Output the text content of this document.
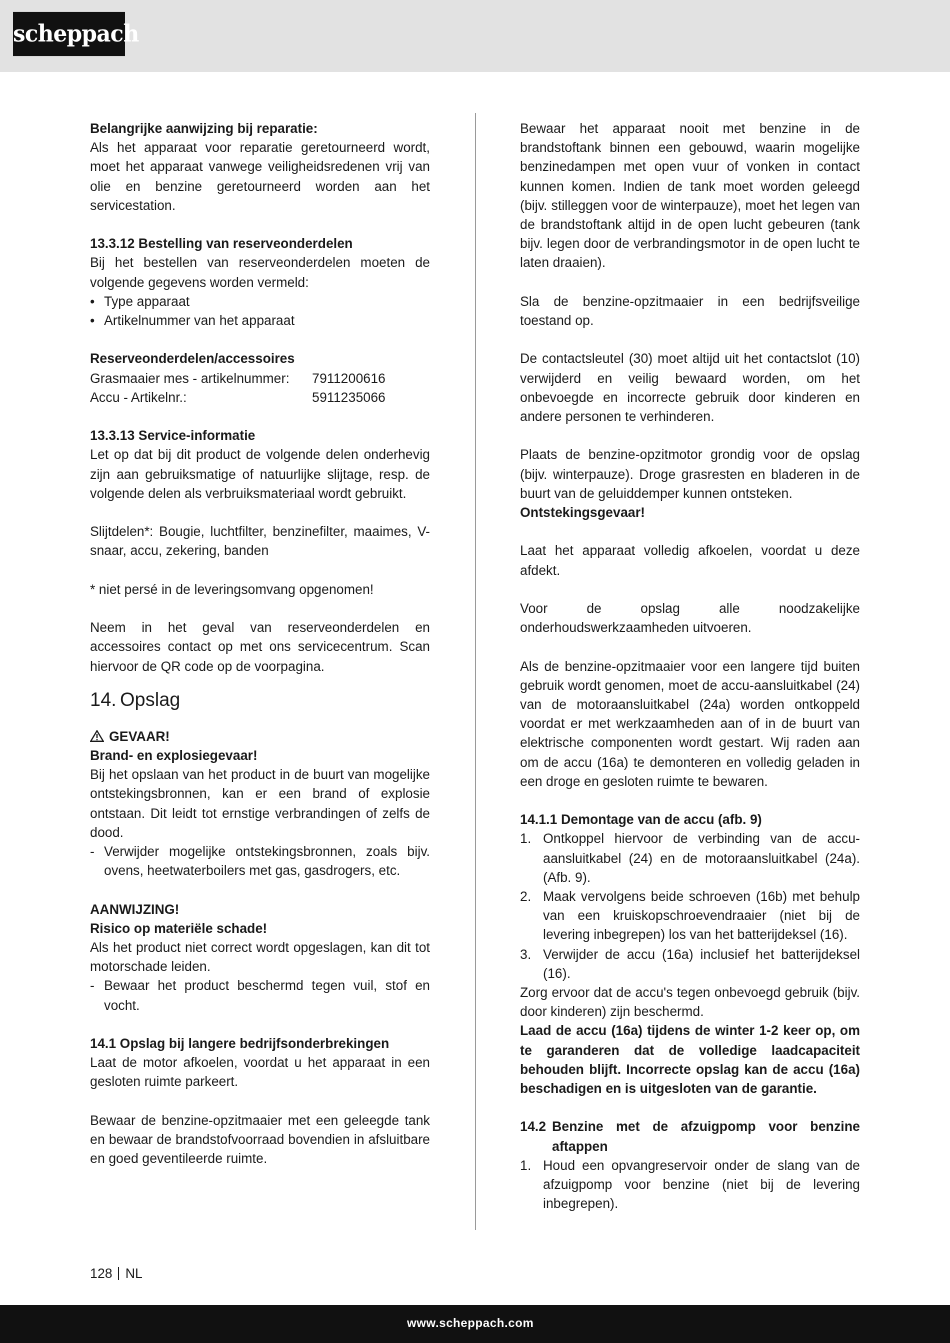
scheppach

Belangrijke aanwijzing bij reparatie:

Als het apparaat voor reparatie geretourneerd wordt, moet het apparaat vanwege veiligheidsredenen vrij van olie en benzine geretourneerd worden aan het servicestation.

13.3.12 Bestelling van reserveonderdelen

Bij het bestellen van reserveonderdelen moeten de volgende gegevens worden vermeld:

• Type apparaat
• Artikelnummer van het apparaat

Reserveonderdelen/accessoires

Grasmaaier mes - artikelnummer:	7911200616
Accu - Artikelnr.:	5911235066

13.3.13 Service-informatie

Let op dat bij dit product de volgende delen onderhevig zijn aan gebruiksmatige of natuurlijke slijtage, resp. de volgende delen als verbruiksmateriaal wordt gebruikt.

Slijtdelen*: Bougie, luchtfilter, benzinefilter, maaimes, V-snaar, accu, zekering, banden

* niet persé in de leveringsomvang opgenomen!

Neem in het geval van reserveonderdelen en accessoires contact op met ons servicecentrum. Scan hiervoor de QR code op de voorpagina.

14. Opslag

GEVAAR!

Brand- en explosiegevaar!

Bij het opslaan van het product in de buurt van mogelijke ontstekingsbronnen, kan er een brand of explosie ontstaan. Dit leidt tot ernstige verbrandingen of zelfs de dood.

- Verwijder mogelijke ontstekingsbronnen, zoals bijv. ovens, heetwaterboilers met gas, gasdrogers, etc.

AANWIJZING!

Risico op materiële schade!

Als het product niet correct wordt opgeslagen, kan dit tot motorschade leiden.

- Bewaar het product beschermd tegen vuil, stof en vocht.

14.1 Opslag bij langere bedrijfsonderbrekingen

Laat de motor afkoelen, voordat u het apparaat in een gesloten ruimte parkeert.

Bewaar de benzine-opzitmaaier met een geleegde tank en bewaar de brandstofvoorraad bovendien in afsluitbare en goed geventileerde ruimte.

Bewaar het apparaat nooit met benzine in de brandstoftank binnen een gebouwd, waarin mogelijke benzinedampen met open vuur of vonken in contact kunnen komen. Indien de tank moet worden geleegd (bijv. stilleggen voor de winterpauze), moet het legen van de brandstoftank altijd in de open lucht gebeuren (tank bijv. legen door de verbrandingsmotor in de open lucht te laten draaien).

Sla de benzine-opzitmaaier in een bedrijfsveilige toestand op.

De contactsleutel (30) moet altijd uit het contactslot (10) verwijderd en veilig bewaard worden, om het onbevoegde en incorrecte gebruik door kinderen en andere personen te verhinderen.

Plaats de benzine-opzitmotor grondig voor de opslag (bijv. winterpauze). Droge grasresten en bladeren in de buurt van de geluiddemper kunnen ontsteken.

Ontstekingsgevaar!

Laat het apparaat volledig afkoelen, voordat u deze afdekt.

Voor de opslag alle noodzakelijke onderhoudswerkzaamheden uitvoeren.

Als de benzine-opzitmaaier voor een langere tijd buiten gebruik wordt genomen, moet de accu-aansluitkabel (24) van de motoraansluitkabel (24a) worden ontkoppeld voordat er met werkzaamheden aan of in de buurt van elektrische componenten wordt gestart. Wij raden aan om de accu (16a) te demonteren en volledig geladen in een droge en gesloten ruimte te bewaren.

14.1.1 Demontage van de accu (afb. 9)

1. Ontkoppel hiervoor de verbinding van de accu-aansluitkabel (24) en de motoraansluitkabel (24a). (Afb. 9).
2. Maak vervolgens beide schroeven (16b) met behulp van een kruiskopschroevendraaier (niet bij de levering inbegrepen) los van het batterijdeksel (16).
3. Verwijder de accu (16a) inclusief het batterijdeksel (16).

Zorg ervoor dat de accu's tegen onbevoegd gebruik (bijv. door kinderen) zijn beschermd.

Laad de accu (16a) tijdens de winter 1-2 keer op, om te garanderen dat de volledige laadcapaciteit behouden blijft. Incorrecte opslag kan de accu (16a) beschadigen en is uitgesloten van de garantie.

14.2 Benzine met de afzuigpomp voor benzine aftappen
1. Houd een opvangreservoir onder de slang van de afzuigpomp voor benzine (niet bij de levering inbegrepen).
128 NL
www.scheppach.com
